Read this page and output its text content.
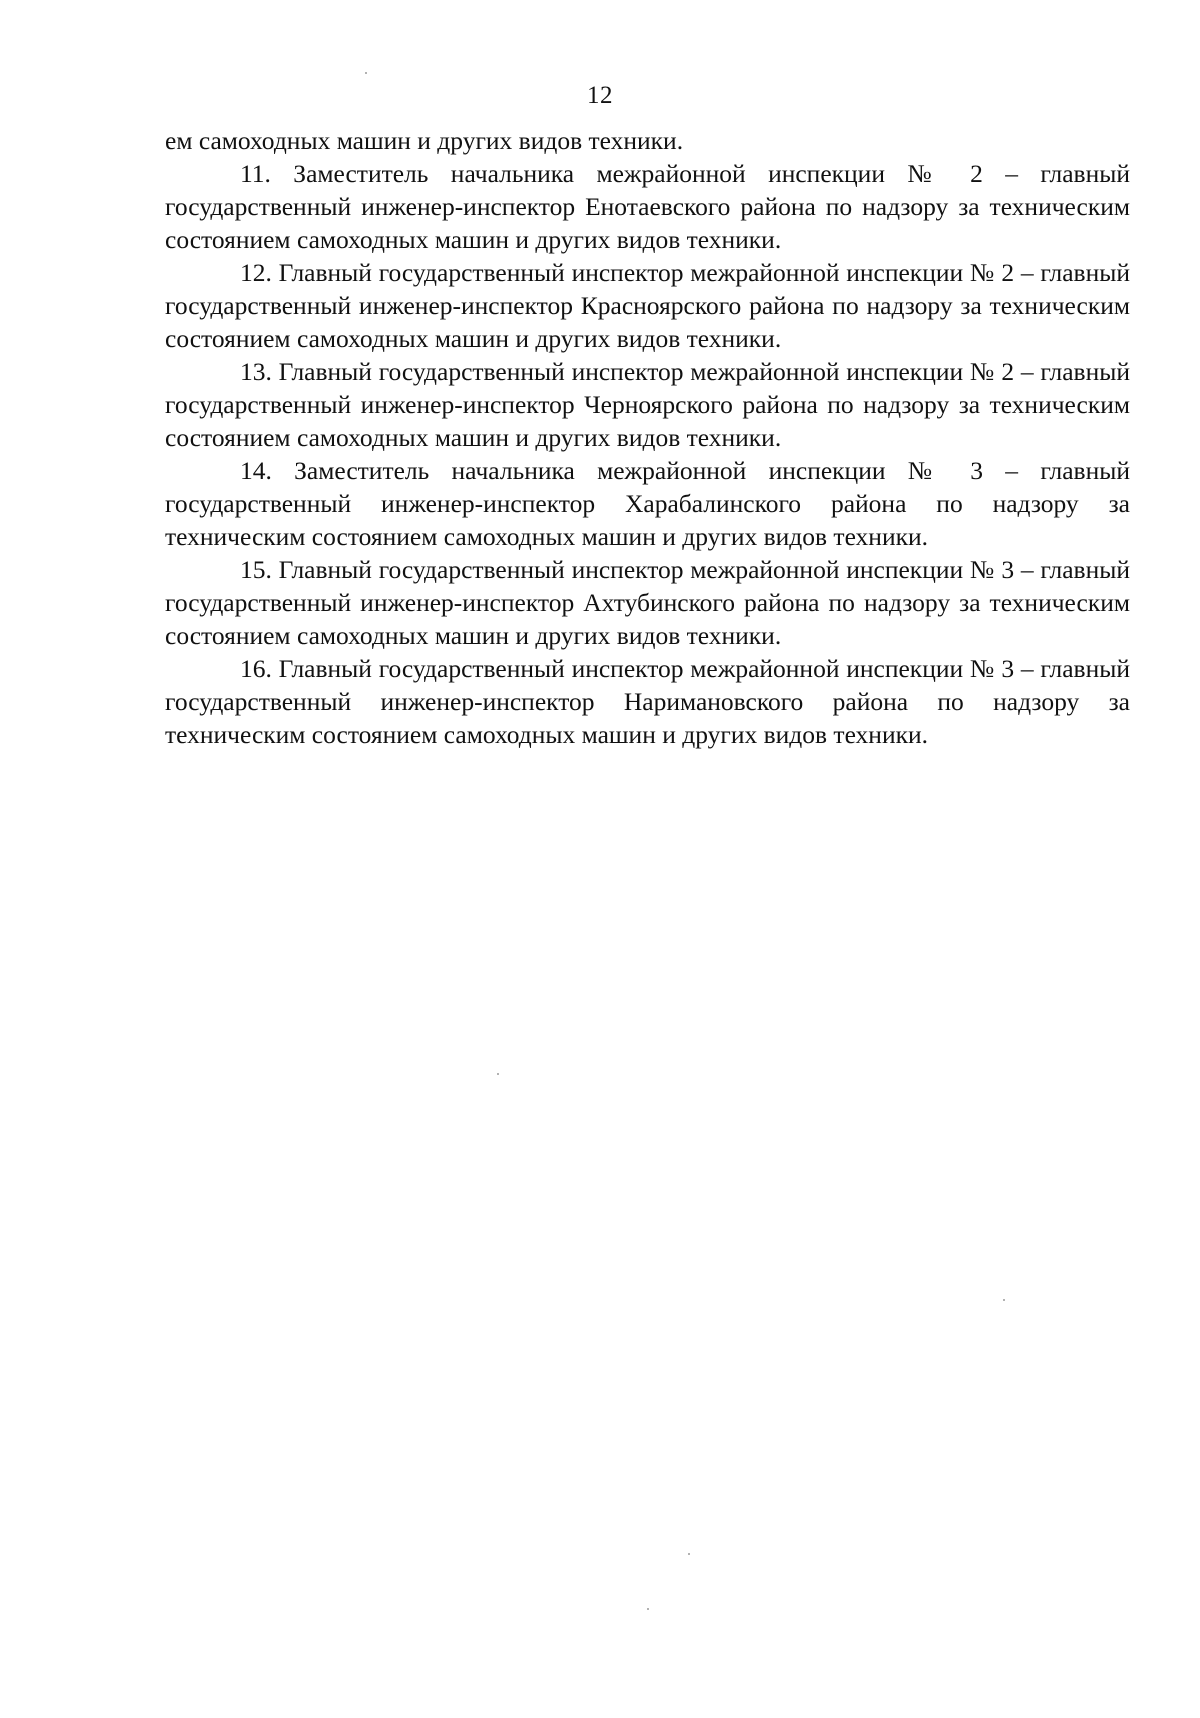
12

ем самоходных машин и других видов техники.

11. Заместитель начальника межрайонной инспекции № 2 – главный государственный инженер-инспектор Енотаевского района по надзору за техническим состоянием самоходных машин и других видов техники.

12. Главный государственный инспектор межрайонной инспекции № 2 – главный государственный инженер-инспектор Красноярского района по надзору за техническим состоянием самоходных машин и других видов техники.

13. Главный государственный инспектор межрайонной инспекции № 2 – главный государственный инженер-инспектор Черноярского района по надзору за техническим состоянием самоходных машин и других видов техники.

14. Заместитель начальника межрайонной инспекции № 3 – главный государственный инженер-инспектор Харабалинского района по надзору за техническим состоянием самоходных машин и других видов техники.

15. Главный государственный инспектор межрайонной инспекции № 3 – главный государственный инженер-инспектор Ахтубинского района по надзору за техническим состоянием самоходных машин и других видов техники.

16. Главный государственный инспектор межрайонной инспекции № 3 – главный государственный инженер-инспектор Наримановского района по надзору за техническим состоянием самоходных машин и других видов техники.
